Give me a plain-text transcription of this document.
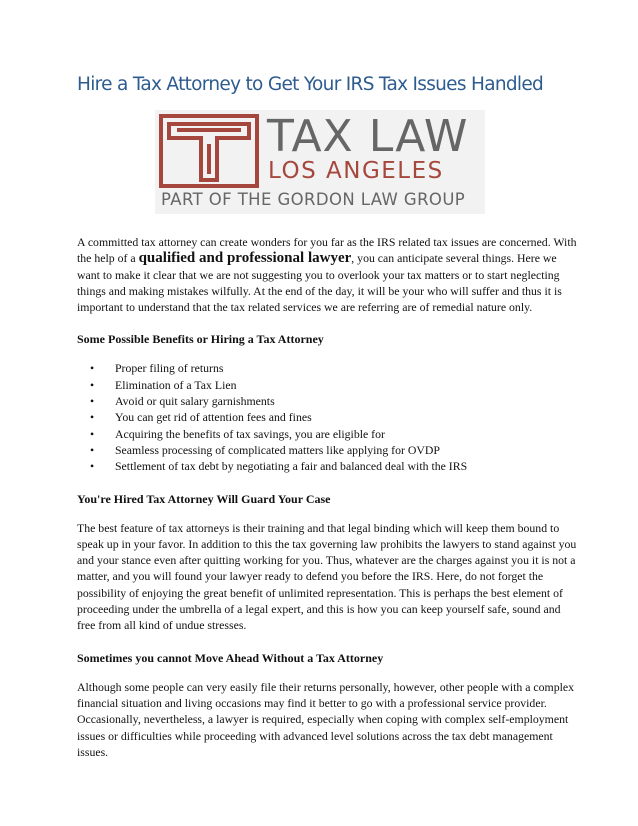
Hire a Tax Attorney to Get Your IRS Tax Issues Handled
TAX LAW
LOS ANGELES
PART OF THE GORDON LAW GROUP

A committed tax attorney can create wonders for you far as the IRS related tax issues are concerned. With the help of a qualified and professional lawyer, you can anticipate several things. Here we want to make it clear that we are not suggesting you to overlook your tax matters or to start neglecting things and making mistakes wilfully. At the end of the day, it will be your who will suffer and thus it is important to understand that the tax related services we are referring are of remedial nature only.

Some Possible Benefits or Hiring a Tax Attorney
• Proper filing of returns
• Elimination of a Tax Lien
• Avoid or quit salary garnishments
• You can get rid of attention fees and fines
• Acquiring the benefits of tax savings, you are eligible for
• Seamless processing of complicated matters like applying for OVDP
• Settlement of tax debt by negotiating a fair and balanced deal with the IRS
You're Hired Tax Attorney Will Guard Your Case

The best feature of tax attorneys is their training and that legal binding which will keep them bound to speak up in your favor. In addition to this the tax governing law prohibits the lawyers to stand against you and your stance even after quitting working for you. Thus, whatever are the charges against you it is not a matter, and you will found your lawyer ready to defend you before the IRS. Here, do not forget the possibility of enjoying the great benefit of unlimited representation. This is perhaps the best element of proceeding under the umbrella of a legal expert, and this is how you can keep yourself safe, sound and free from all kind of undue stresses.

Sometimes you cannot Move Ahead Without a Tax Attorney

Although some people can very easily file their returns personally, however, other people with a complex financial situation and living occasions may find it better to go with a professional service provider. Occasionally, nevertheless, a lawyer is required, especially when coping with complex self-employment issues or difficulties while proceeding with advanced level solutions across the tax debt management issues.
